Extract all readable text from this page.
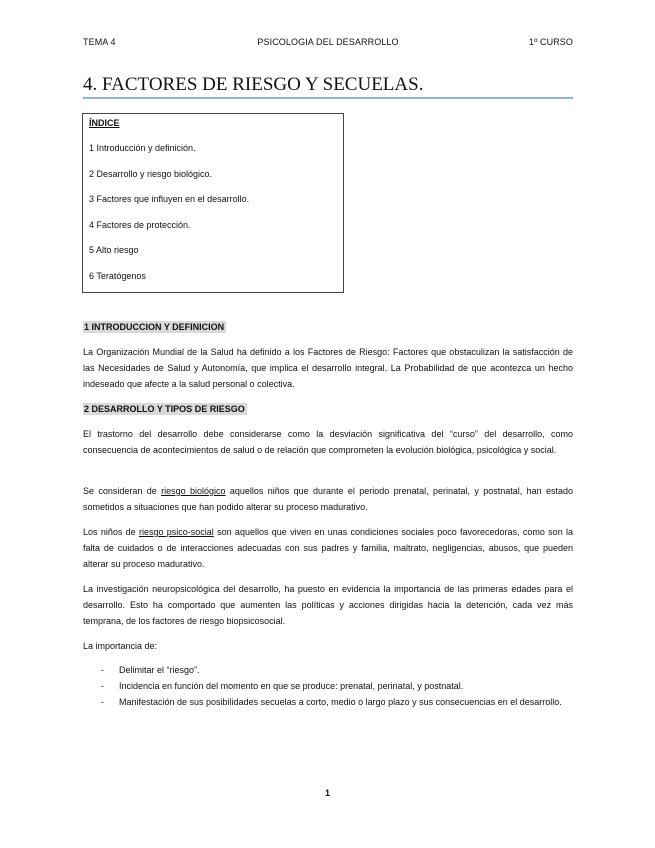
TEMA 4	PSICOLOGIA DEL DESARROLLO	1º CURSO
4. FACTORES DE RIESGO Y SECUELAS.
ÍNDICE
1 Introducción y definición.
2 Desarrollo y riesgo biológico.
3 Factores que influyen en el desarrollo.
4 Factores de protección.
5 Alto riesgo
6 Teratógenos
1 INTRODUCCION Y DEFINICION

La Organización Mundial de la Salud ha definido a los Factores de Riesgo: Factores que obstaculizan la satisfacción de las Necesidades de Salud y Autonomía, que implica el desarrollo integral. La Probabilidad de que acontezca un hecho indeseado que afecte a la salud personal o colectiva.

2 DESARROLLO Y TIPOS DE RIESGO

El trastorno del desarrollo debe considerarse como la desviación significativa del “curso” del desarrollo, como consecuencia de acontecimientos de salud o de relación que comprometen la evolución biológica, psicológica y social.

Se consideran de riesgo biológico aquellos niños que durante el periodo prenatal, perinatal, y postnatal, han estado sometidos a situaciones que han podido alterar su proceso madurativo.

Los niños de riesgo psico-social son aquellos que viven en unas condiciones sociales poco favorecedoras, como son la falta de cuidados o de interacciones adecuadas con sus padres y familia, maltrato, negligencias, abusos, que pueden alterar su proceso madurativo.

La investigación neuropsicológica del desarrollo, ha puesto en evidencia la importancia de las primeras edades para el desarrollo. Esto ha comportado que aumenten las políticas y acciones dirigidas hacia la detención, cada vez más temprana, de los factores de riesgo biopsicosocial.

La importancia de:

- Delimitar el “riesgo”.
- Incidencia en función del momento en que se produce: prenatal, perinatal, y postnatal.
- Manifestación de sus posibilidades secuelas a corto, medio o largo plazo y sus consecuencias en el desarrollo.
1
